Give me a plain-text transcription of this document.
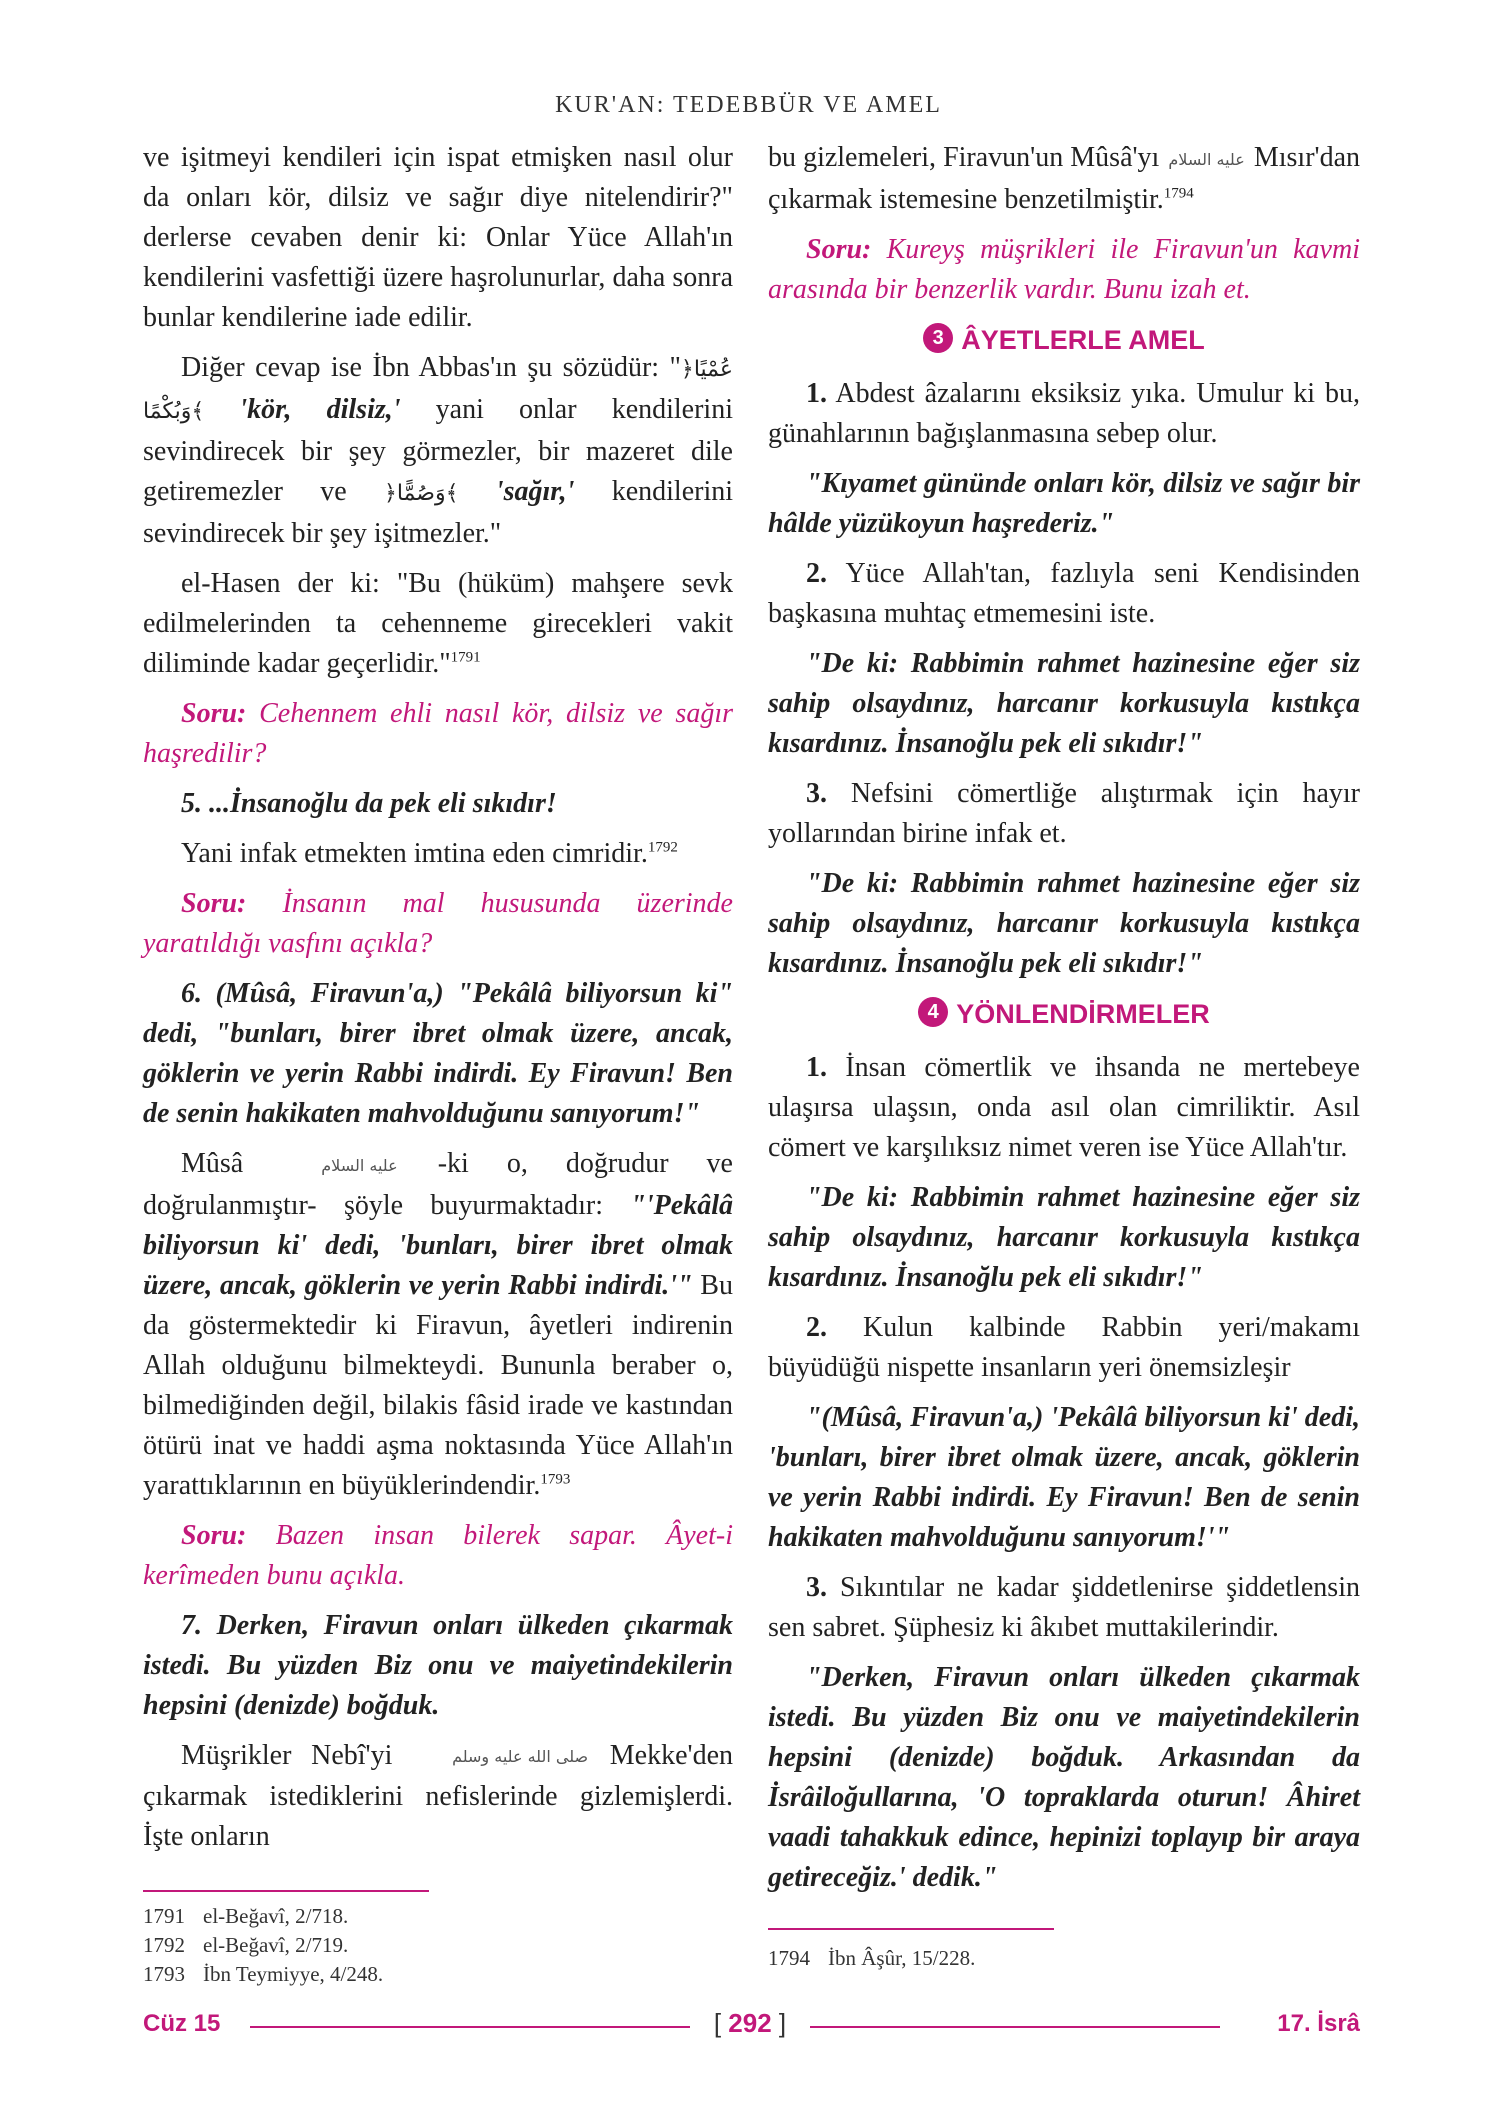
KUR'AN: TEDEBBÜR VE AMEL

ve işitmeyi kendileri için ispat etmişken nasıl olur da onları kör, dilsiz ve sağır diye nitelendirir?" derlerse cevaben denir ki: Onlar Yüce Allah'ın kendilerini vasfettiği üzere haşrolunurlar, daha sonra bunlar kendilerine iade edilir.

Diğer cevap ise İbn Abbas'ın şu sözüdür: "﴿عُمْيًا وَبُكْمًا﴾ 'kör, dilsiz,' yani onlar kendilerini sevindirecek bir şey görmezler, bir mazeret dile getiremezler ve ﴿وَصُمًّا﴾ 'sağır,' kendilerini sevindirecek bir şey işitmezler."

el-Hasen der ki: "Bu (hüküm) mahşere sevk edilmelerinden ta cehenneme girecekleri vakit diliminde kadar geçerlidir."$^{1791}$

Soru: Cehennem ehli nasıl kör, dilsiz ve sağır haşredilir?

5. ...İnsanoğlu da pek eli sıkıdır!

Yani infak etmekten imtina eden cimridir.$^{1792}$

Soru: İnsanın mal hususunda üzerinde yaratıldığı vasfını açıkla?

6. (Mûsâ, Firavun'a,) "Pekâlâ biliyorsun ki" dedi, "bunları, birer ibret olmak üzere, ancak, göklerin ve yerin Rabbi indirdi. Ey Firavun! Ben de senin hakikaten mahvolduğunu sanıyorum!"

Mûsâ	عليه السلام -ki o, doğrudur ve doğrulanmıştır- şöyle buyurmaktadır: "'Pekâlâ biliyorsun ki' dedi, 'bunları, birer ibret olmak üzere, ancak, göklerin ve yerin Rabbi indirdi.'" Bu da göstermektedir ki Firavun, âyetleri indirenin Allah olduğunu bilmekteydi. Bununla beraber o, bilmediğinden değil, bilakis fâsid irade ve kastından ötürü inat ve haddi aşma noktasında Yüce Allah'ın yarattıklarının en büyüklerindendir.$^{1793}$

Soru: Bazen insan bilerek sapar. Âyet-i kerîmeden bunu açıkla.

7. Derken, Firavun onları ülkeden çıkarmak istedi. Bu yüzden Biz onu ve maiyetindekilerin hepsini (denizde) boğduk.

Müşrikler Nebî'yi	صلى الله عليه وسلم Mekke'den çıkarmak istediklerini nefislerinde gizlemişlerdi. İşte onların

bu gizlemeleri, Firavun'un Mûsâ'yı عليه السلام Mısır'dan çıkarmak istemesine benzetilmiştir.$^{1794}$

Soru: Kureyş müşrikleri ile Firavun'un kavmi arasında bir benzerlik vardır. Bunu izah et.

3 ÂYETLERLE AMEL

1. Abdest âzalarını eksiksiz yıka. Umulur ki bu, günahlarının bağışlanmasına sebep olur.

"Kıyamet gününde onları kör, dilsiz ve sağır bir hâlde yüzükoyun haşrederiz."

2. Yüce Allah'tan, fazlıyla seni Kendisinden başkasına muhtaç etmemesini iste.

"De ki: Rabbimin rahmet hazinesine eğer siz sahip olsaydınız, harcanır korkusuyla kıstıkça kısardınız. İnsanoğlu pek eli sıkıdır!"

3. Nefsini cömertliğe alıştırmak için hayır yollarından birine infak et.

"De ki: Rabbimin rahmet hazinesine eğer siz sahip olsaydınız, harcanır korkusuyla kıstıkça kısardınız. İnsanoğlu pek eli sıkıdır!"

4 YÖNLENDİRMELER

1. İnsan cömertlik ve ihsanda ne mertebeye ulaşırsa ulaşsın, onda asıl olan cimriliktir. Asıl cömert ve karşılıksız nimet veren ise Yüce Allah'tır.

"De ki: Rabbimin rahmet hazinesine eğer siz sahip olsaydınız, harcanır korkusuyla kıstıkça kısardınız. İnsanoğlu pek eli sıkıdır!"

2. Kulun kalbinde Rabbin yeri/makamı büyüdüğü nispette insanların yeri önemsizleşir

"(Mûsâ, Firavun'a,) 'Pekâlâ biliyorsun ki' dedi, 'bunları, birer ibret olmak üzere, ancak, göklerin ve yerin Rabbi indirdi. Ey Firavun! Ben de senin hakikaten mahvolduğunu sanıyorum!'"

3. Sıkıntılar ne kadar şiddetlenirse şiddetlensin sen sabret. Şüphesiz ki âkıbet muttakilerindir.

"Derken, Firavun onları ülkeden çıkarmak istedi. Bu yüzden Biz onu ve maiyetindekilerin hepsini (denizde) boğduk. Arkasından da İsrâiloğullarına, 'O topraklarda oturun! Âhiret vaadi tahakkuk edince, hepinizi toplayıp bir araya getireceğiz.' dedik."

1791 el-Beğavî, 2/718.
1792 el-Beğavî, 2/719.
1793 İbn Teymiyye, 4/248.
1794 İbn Âşûr, 15/228.
Cüz 15	[ 292 ]	17. İsrâ
